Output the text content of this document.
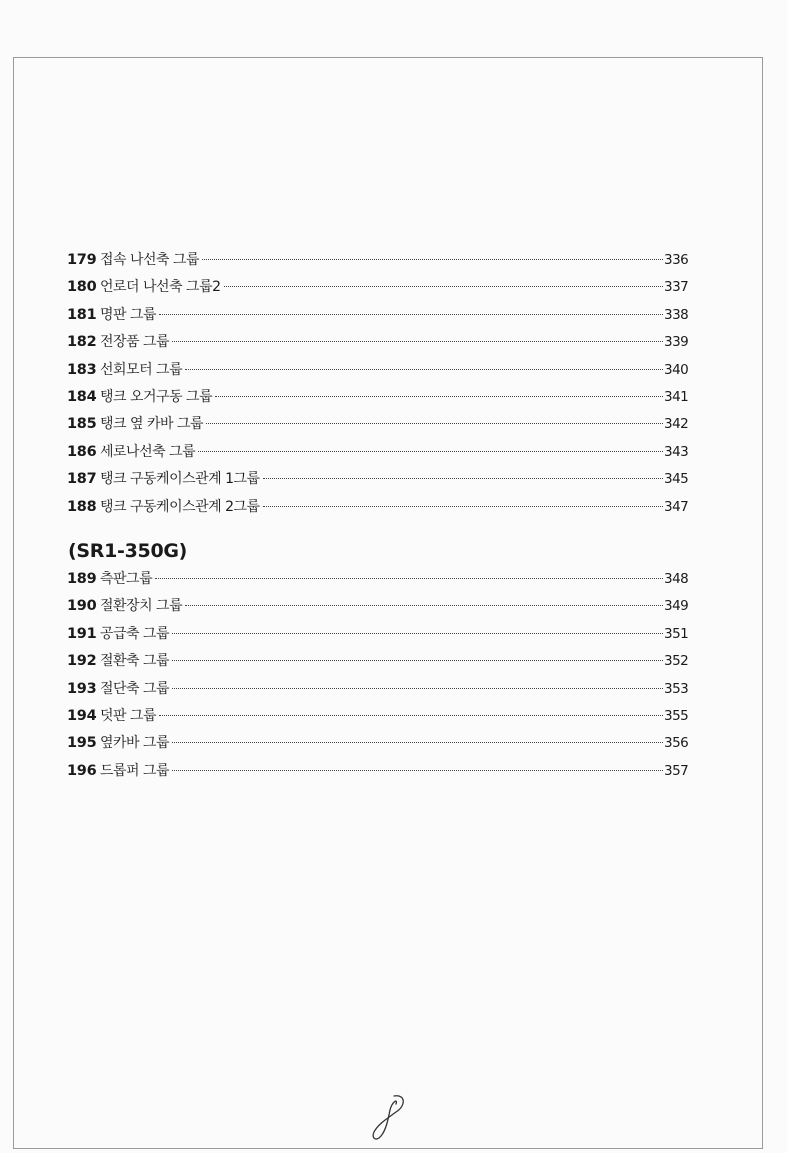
179 접속 나선축 그룹	336
180 언로더 나선축 그룹2	337
181 명판 그룹	338
182 전장품 그룹	339
183 선회모터 그룹	340
184 탱크 오거구동 그룹	341
185 탱크 옆 카바 그룹	342
186 세로나선축 그룹	343
187 탱크 구동케이스관계 1그룹	345
188 탱크 구동케이스관계 2그룹	347
(SR1-350G)
189 측판그룹	348
190 절환장치 그룹	349
191 공급축 그룹	351
192 절환축 그룹	352
193 절단축 그룹	353
194 덧판 그룹	355
195 옆카바 그룹	356
196 드롭퍼 그룹	357
